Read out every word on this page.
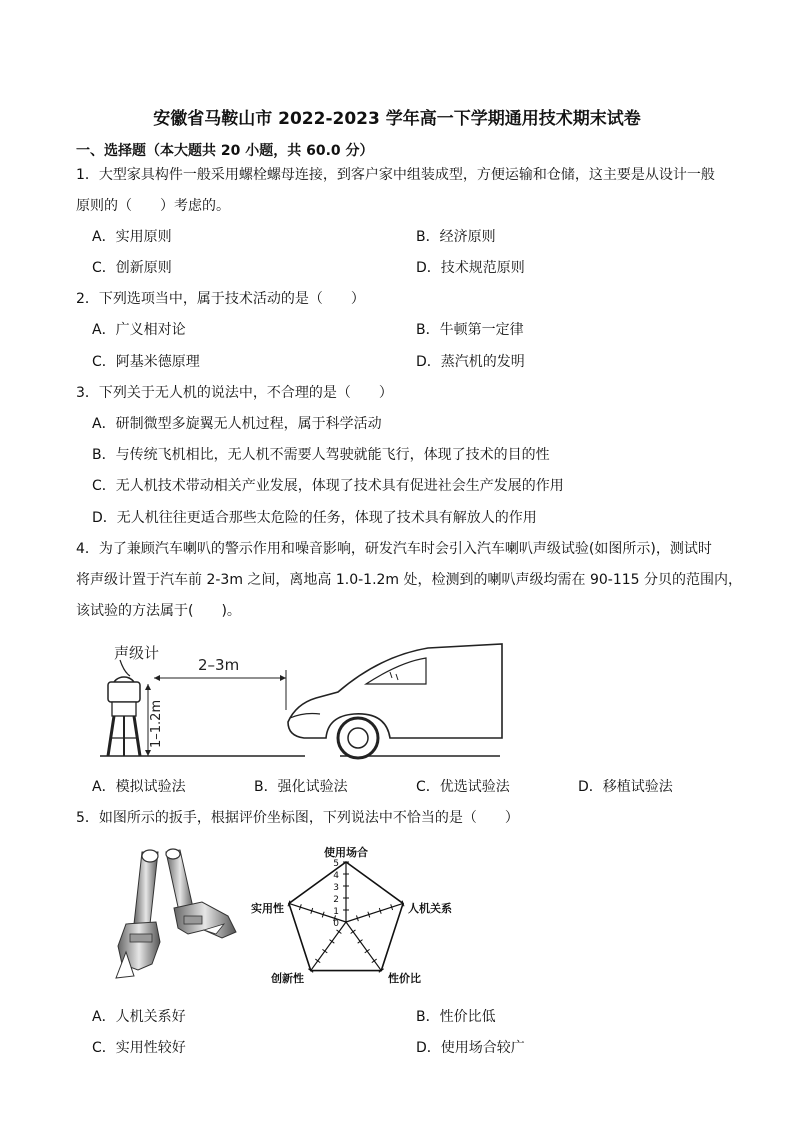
安徽省马鞍山市 2022-2023 学年高一下学期通用技术期末试卷
一、选择题（本大题共 20 小题，共 60.0 分）
1．大型家具构件一般采用螺栓螺母连接，到客户家中组装成型，方便运输和仓储，这主要是从设计一般
原则的（　　）考虑的。
A．实用原则	B．经济原则
C．创新原则	D．技术规范原则
2．下列选项当中，属于技术活动的是（　　）
A．广义相对论	B．牛顿第一定律
C．阿基米德原理	D．蒸汽机的发明
3．下列关于无人机的说法中，不合理的是（　　）
A．研制微型多旋翼无人机过程，属于科学活动
B．与传统飞机相比，无人机不需要人驾驶就能飞行，体现了技术的目的性
C．无人机技术带动相关产业发展，体现了技术具有促进社会生产发展的作用
D．无人机往往更适合那些太危险的任务，体现了技术具有解放人的作用
4．为了兼顾汽车喇叭的警示作用和噪音影响，研发汽车时会引入汽车喇叭声级试验(如图所示)，测试时
将声级计置于汽车前 2-3m 之间，离地高 1.0-1.2m 处，检测到的喇叭声级均需在 90-115 分贝的范围内，
该试验的方法属于(　　)。
声级计
1–1.2m
2–3m
A．模拟试验法	B．强化试验法	C．优选试验法	D．移植试验法
5．如图所示的扳手，根据评价坐标图，下列说法中不恰当的是（　　）
0
1
2
3
4
5
使用场合
人机关系
性价比
创新性
实用性
A．人机关系好	B．性价比低
C．实用性较好	D．使用场合较广
